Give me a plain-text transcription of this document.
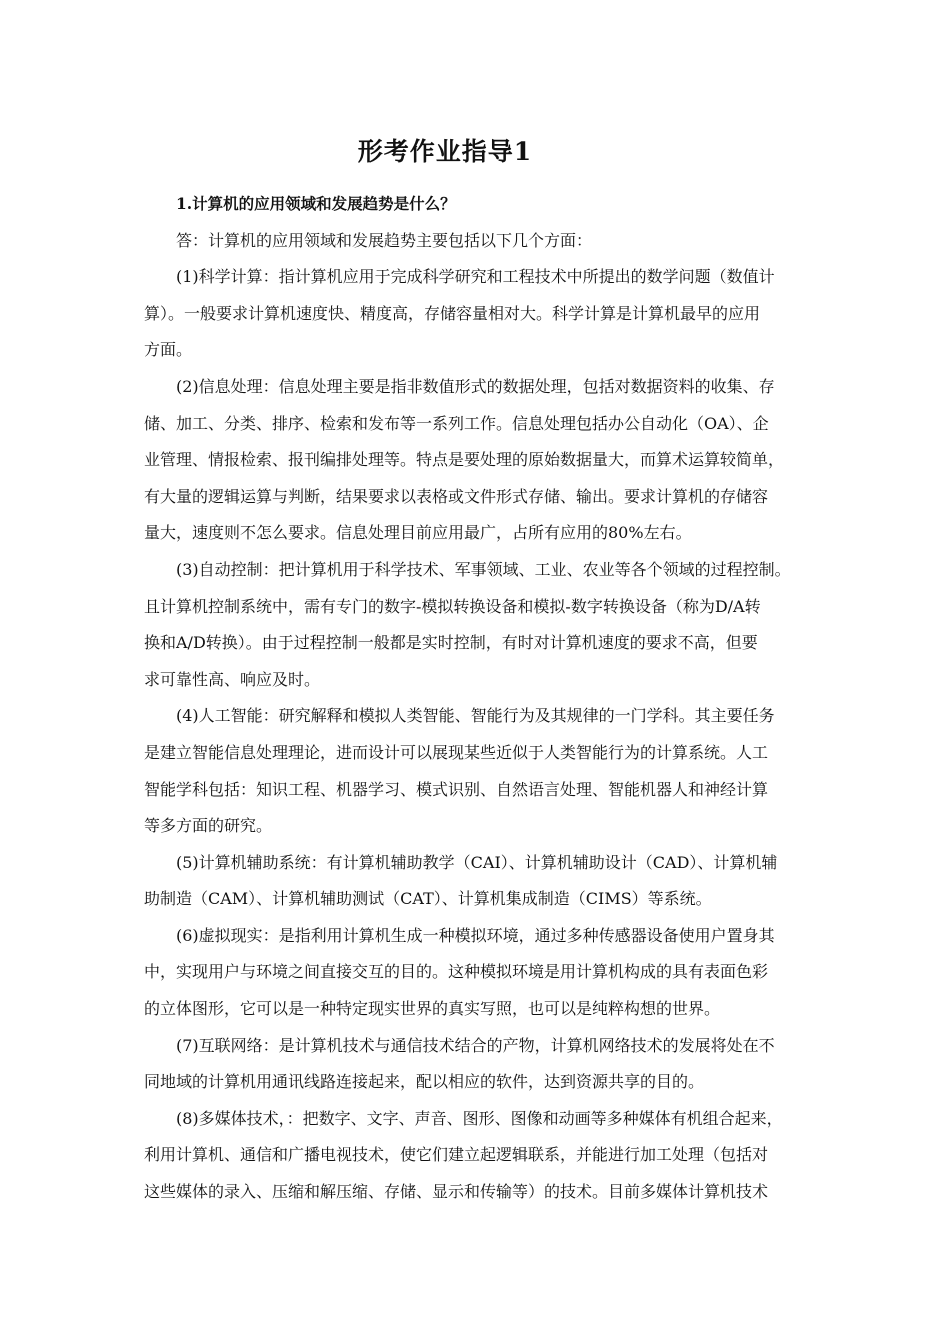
形考作业指导1
1.计算机的应用领域和发展趋势是什么？
答：计算机的应用领域和发展趋势主要包括以下几个方面：
(1)科学计算：指计算机应用于完成科学研究和工程技术中所提出的数学问题（数值计
算）。一般要求计算机速度快、精度高，存储容量相对大。科学计算是计算机最早的应用
方面。
(2)信息处理：信息处理主要是指非数值形式的数据处理，包括对数据资料的收集、存
储、加工、分类、排序、检索和发布等一系列工作。信息处理包括办公自动化（OA）、企
业管理、情报检索、报刊编排处理等。特点是要处理的原始数据量大，而算术运算较简单，
有大量的逻辑运算与判断，结果要求以表格或文件形式存储、输出。要求计算机的存储容
量大，速度则不怎么要求。信息处理目前应用最广，占所有应用的80%左右。
(3)自动控制：把计算机用于科学技术、军事领域、工业、农业等各个领域的过程控制。
且计算机控制系统中，需有专门的数字-模拟转换设备和模拟-数字转换设备（称为D/A转
换和A/D转换）。由于过程控制一般都是实时控制，有时对计算机速度的要求不高，但要
求可靠性高、响应及时。
(4)人工智能：研究解释和模拟人类智能、智能行为及其规律的一门学科。其主要任务
是建立智能信息处理理论，进而设计可以展现某些近似于人类智能行为的计算系统。人工
智能学科包括：知识工程、机器学习、模式识别、自然语言处理、智能机器人和神经计算
等多方面的研究。
(5)计算机辅助系统：有计算机辅助教学（CAI）、计算机辅助设计（CAD）、计算机辅
助制造（CAM）、计算机辅助测试（CAT）、计算机集成制造（CIMS）等系统。
(6)虚拟现实：是指利用计算机生成一种模拟环境，通过多种传感器设备使用户置身其
中，实现用户与环境之间直接交互的目的。这种模拟环境是用计算机构成的具有表面色彩
的立体图形，它可以是一种特定现实世界的真实写照，也可以是纯粹构想的世界。
(7)互联网络：是计算机技术与通信技术结合的产物，计算机网络技术的发展将处在不
同地域的计算机用通讯线路连接起来，配以相应的软件，达到资源共享的目的。
(8)多媒体技术，：把数字、文字、声音、图形、图像和动画等多种媒体有机组合起来，
利用计算机、通信和广播电视技术，使它们建立起逻辑联系，并能进行加工处理（包括对
这些媒体的录入、压缩和解压缩、存储、显示和传输等）的技术。目前多媒体计算机技术
